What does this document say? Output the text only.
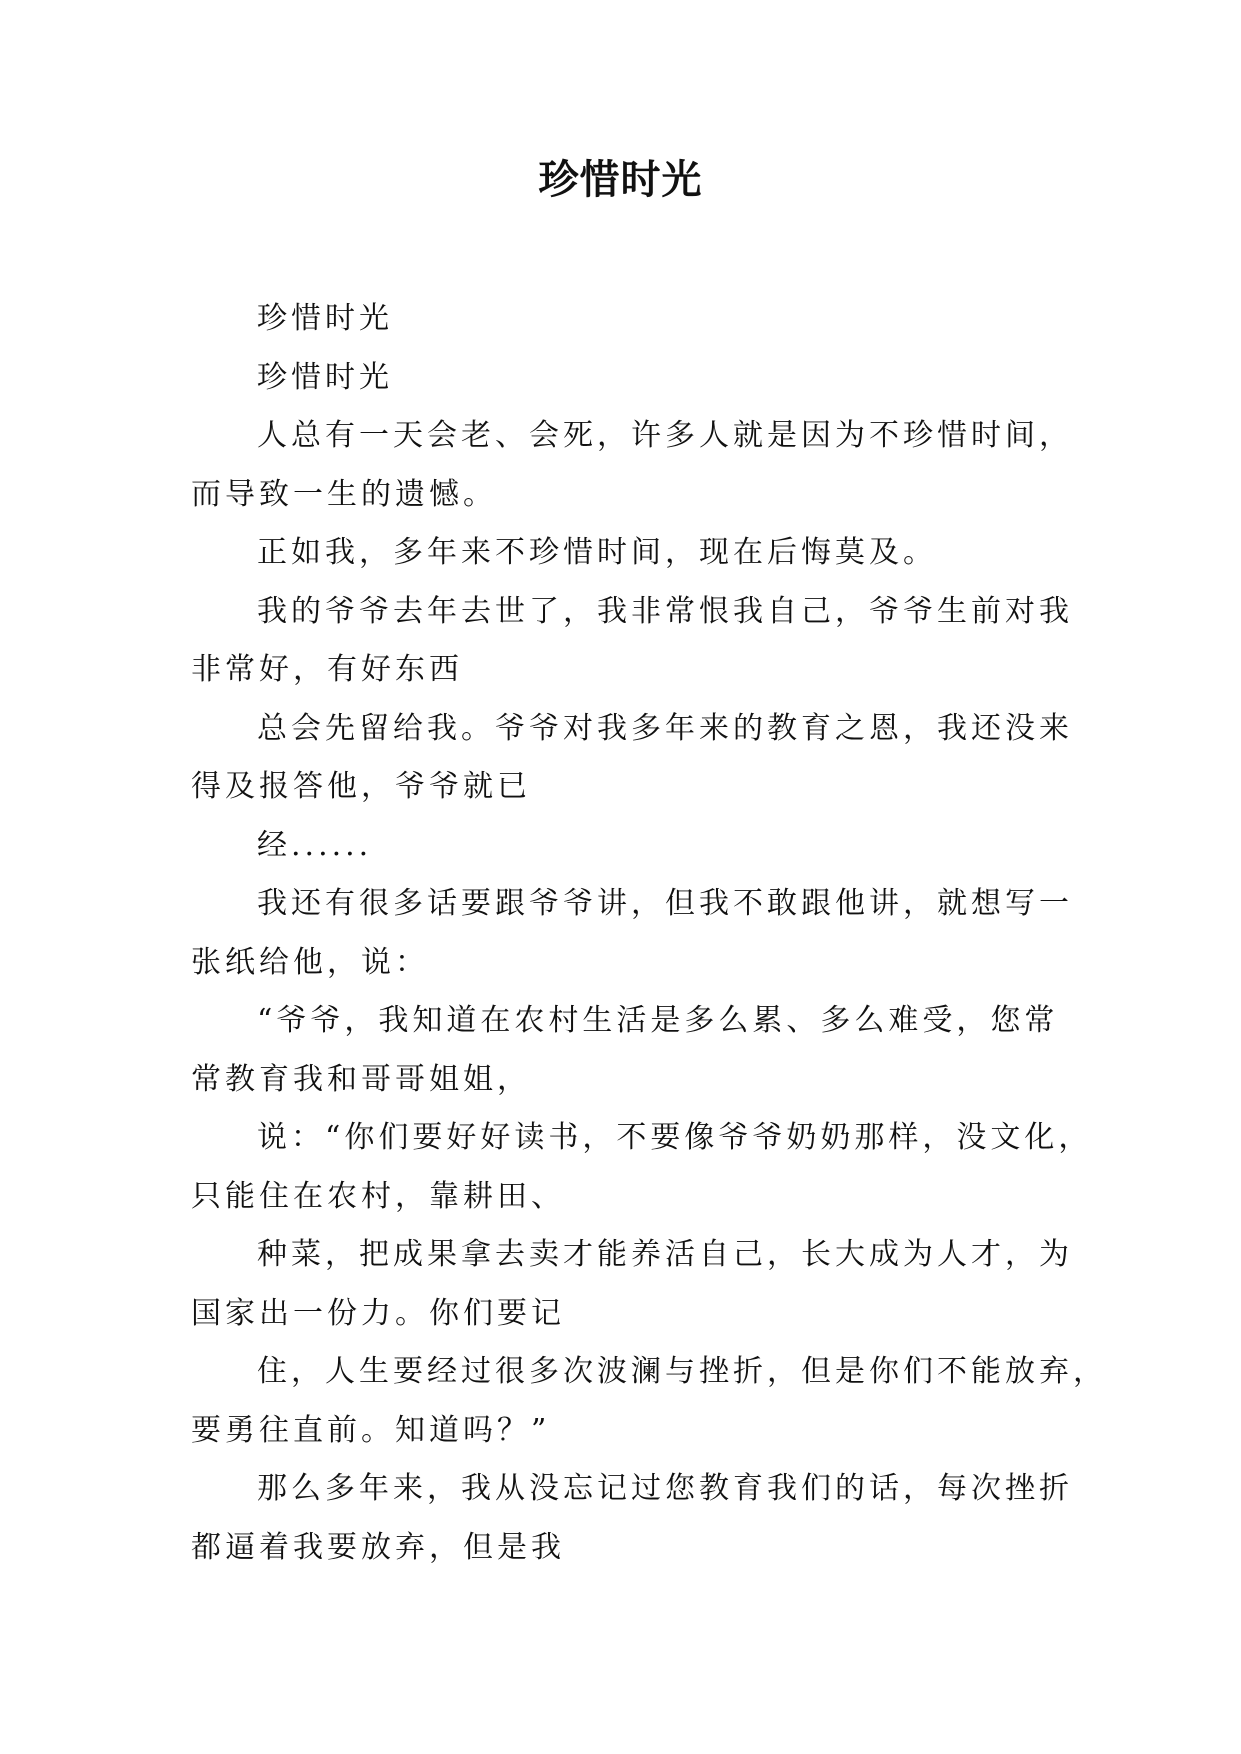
珍惜时光

珍惜时光

珍惜时光

人总有一天会老、会死，许多人就是因为不珍惜时间，
而导致一生的遗憾。

正如我，多年来不珍惜时间，现在后悔莫及。

我的爷爷去年去世了，我非常恨我自己，爷爷生前对我
非常好，有好东西

总会先留给我。爷爷对我多年来的教育之恩，我还没来
得及报答他，爷爷就已

经......

我还有很多话要跟爷爷讲，但我不敢跟他讲，就想写一
张纸给他，说：

“爷爷，我知道在农村生活是多么累、多么难受，您常
常教育我和哥哥姐姐，

说：“你们要好好读书，不要像爷爷奶奶那样，没文化，
只能住在农村，靠耕田、

种菜，把成果拿去卖才能养活自己，长大成为人才，为
国家出一份力。你们要记

住，人生要经过很多次波澜与挫折，但是你们不能放弃，
要勇往直前。知道吗？”

那么多年来，我从没忘记过您教育我们的话，每次挫折
都逼着我要放弃，但是我
